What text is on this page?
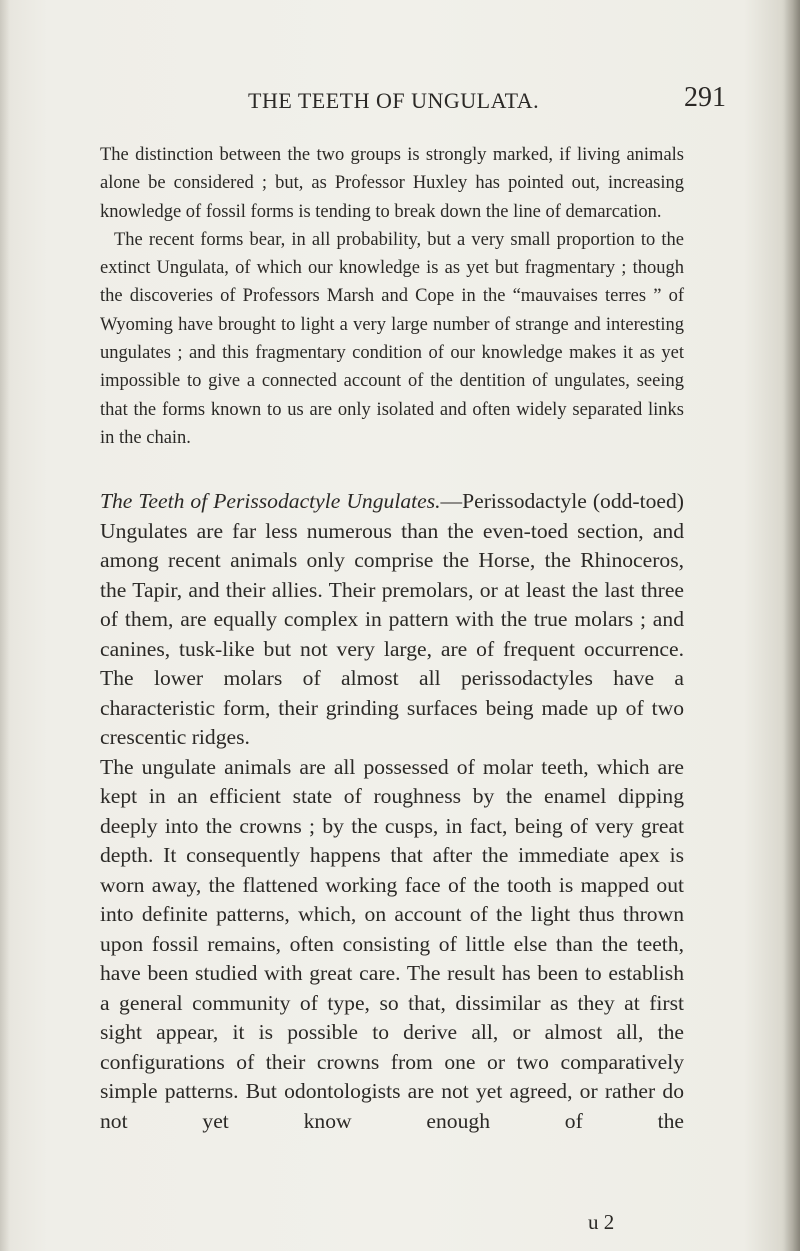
THE TEETH OF UNGULATA.	291

The distinction between the two groups is strongly marked, if living animals alone be considered ; but, as Professor Huxley has pointed out, increasing knowledge of fossil forms is tending to break down the line of demarcation.

The recent forms bear, in all probability, but a very small proportion to the extinct Ungulata, of which our knowledge is as yet but fragmentary ; though the discoveries of Professors Marsh and Cope in the “mauvaises terres ” of Wyoming have brought to light a very large number of strange and interesting ungulates ; and this fragmentary condition of our knowledge makes it as yet impossible to give a connected account of the dentition of ungulates, seeing that the forms known to us are only isolated and often widely separated links in the chain.

The Teeth of Perissodactyle Ungulates.—Perissodactyle (odd-toed) Ungulates are far less numerous than the even-toed section, and among recent animals only comprise the Horse, the Rhinoceros, the Tapir, and their allies. Their premolars, or at least the last three of them, are equally complex in pattern with the true molars ; and canines, tusk-like but not very large, are of frequent occurrence. The lower molars of almost all perissodactyles have a characteristic form, their grinding surfaces being made up of two crescentic ridges.

The ungulate animals are all possessed of molar teeth, which are kept in an efficient state of roughness by the enamel dipping deeply into the crowns ; by the cusps, in fact, being of very great depth. It consequently happens that after the immediate apex is worn away, the flattened working face of the tooth is mapped out into definite patterns, which, on account of the light thus thrown upon fossil remains, often consisting of little else than the teeth, have been studied with great care. The result has been to establish a general community of type, so that, dissimilar as they at first sight appear, it is possible to derive all, or almost all, the configurations of their crowns from one or two comparatively simple patterns. But odontologists are not yet agreed, or rather do not yet know enough of the

u 2
